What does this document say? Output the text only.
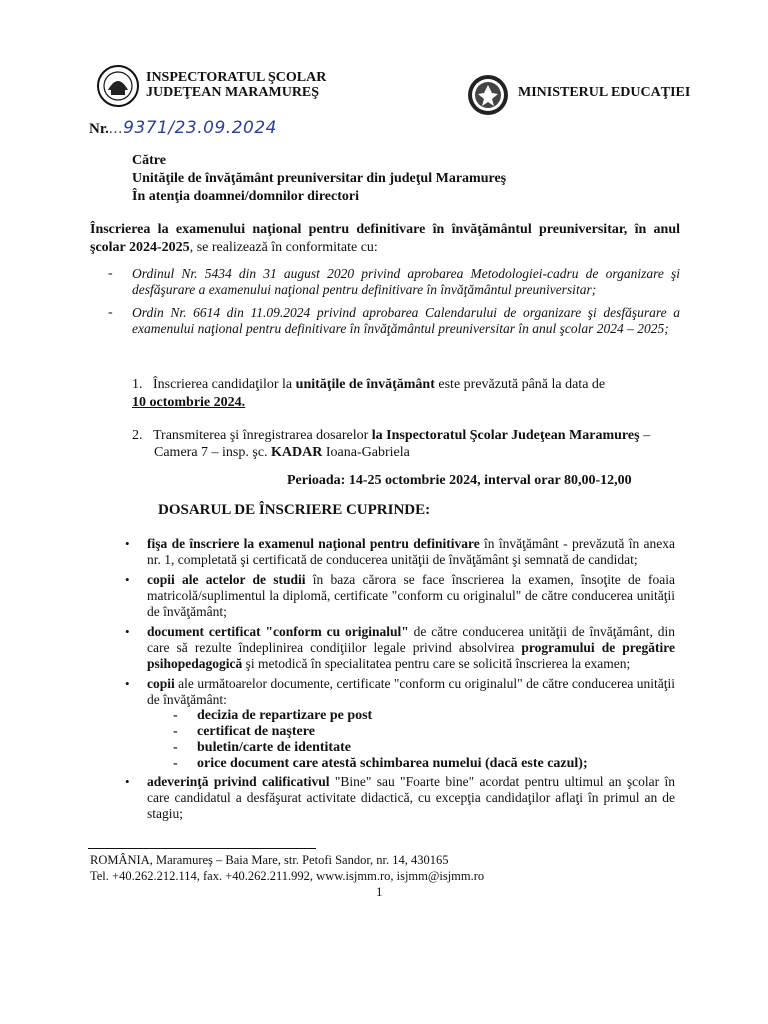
INSPECTORATUL ŞCOLAR
JUDEŢEAN MARAMUREŞ	MINISTERUL EDUCAŢIEI
Nr....9371/23.09.2024
Către
Unităţile de învăţământ preuniversitar din judeţul Maramureş
În atenţia doamnei/domnilor directori
Înscrierea la examenului naţional pentru definitivare în învăţământul preuniversitar, în anul şcolar 2024-2025, se realizează în conformitate cu:
- Ordinul Nr. 5434 din 31 august 2020 privind aprobarea Metodologiei-cadru de organizare şi desfăşurare a examenului naţional pentru definitivare în învăţământul preuniversitar;
- Ordin Nr. 6614 din 11.09.2024 privind aprobarea Calendarului de organizare şi desfăşurare a examenului naţional pentru definitivare în învăţământul preuniversitar în anul şcolar 2024 – 2025;
1. Înscrierea candidaţilor la unităţile de învăţământ este prevăzută până la data de
10 octombrie 2024.
2. Transmiterea şi înregistrarea dosarelor la Inspectoratul Şcolar Judeţean Maramureş –
Camera 7 – insp. şc. KADAR Ioana-Gabriela
Perioada: 14-25 octombrie 2024, interval orar 80,00-12,00
DOSARUL DE ÎNSCRIERE CUPRINDE:
• fişa de înscriere la examenul naţional pentru definitivare în învăţământ - prevăzută în anexa nr. 1, completată şi certificată de conducerea unităţii de învăţământ şi semnată de candidat;
• copii ale actelor de studii în baza cărora se face înscrierea la examen, însoţite de foaia matricolă/suplimentul la diplomă, certificate "conform cu originalul" de către conducerea unităţii de învăţământ;
• document certificat "conform cu originalul" de către conducerea unităţii de învăţământ, din care să rezulte îndeplinirea condiţiilor legale privind absolvirea programului de pregătire psihopedagogică şi metodică în specialitatea pentru care se solicită înscrierea la examen;
• copii ale următoarelor documente, certificate "conform cu originalul" de către conducerea unităţii de învăţământ:
- decizia de repartizare pe post
- certificat de naştere
- buletin/carte de identitate
- orice document care atestă schimbarea numelui (dacă este cazul);
• adeverinţă privind calificativul "Bine" sau "Foarte bine" acordat pentru ultimul an şcolar în care candidatul a desfăşurat activitate didactică, cu excepţia candidaţilor aflaţi în primul an de stagiu;
ROMÂNIA, Maramureş – Baia Mare, str. Petofi Sandor, nr. 14, 430165
Tel. +40.262.212.114, fax. +40.262.211.992, www.isjmm.ro, isjmm@isjmm.ro
1
